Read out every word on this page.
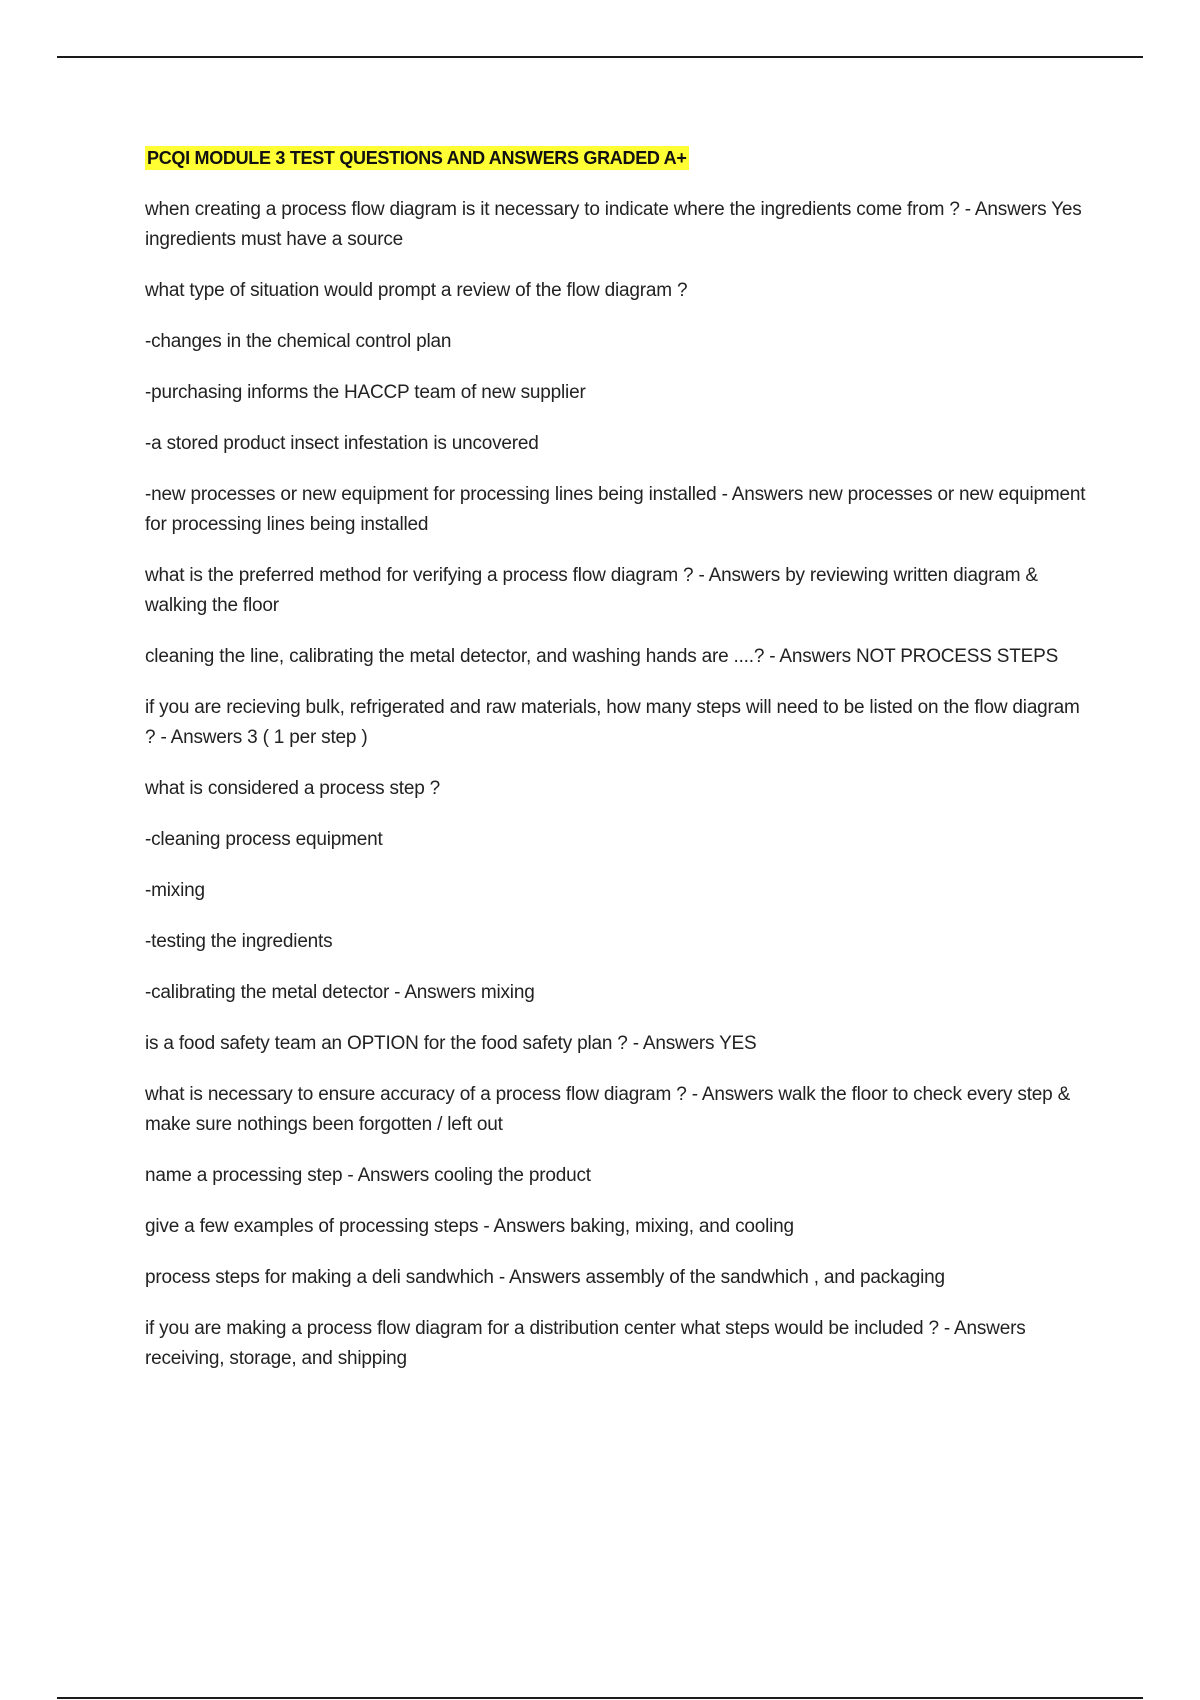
PCQI MODULE 3 TEST QUESTIONS AND ANSWERS GRADED A+

when creating a process flow diagram is it necessary to indicate where the ingredients come from ? - Answers Yes ingredients must have a source

what type of situation would prompt a review of the flow diagram ?

-changes in the chemical control plan

-purchasing informs the HACCP team of new supplier

-a stored product insect infestation is uncovered

-new processes or new equipment for processing lines being installed - Answers new processes or new equipment for processing lines being installed

what is the preferred method for verifying a process flow diagram ? - Answers by reviewing written diagram & walking the floor

cleaning the line, calibrating the metal detector, and washing hands are ....? - Answers NOT PROCESS STEPS

if you are recieving bulk, refrigerated and raw materials, how many steps will need to be listed on the flow diagram ? - Answers 3 ( 1 per step )

what is considered a process step ?

-cleaning process equipment

-mixing

-testing the ingredients

-calibrating the metal detector - Answers mixing

is a food safety team an OPTION for the food safety plan ? - Answers YES

what is necessary to ensure accuracy of a process flow diagram ? - Answers walk the floor to check every step & make sure nothings been forgotten / left out

name a processing step - Answers cooling the product

give a few examples of processing steps - Answers baking, mixing, and cooling

process steps for making a deli sandwhich - Answers assembly of the sandwhich , and packaging

if you are making a process flow diagram for a distribution center what steps would be included ? - Answers receiving, storage, and shipping
